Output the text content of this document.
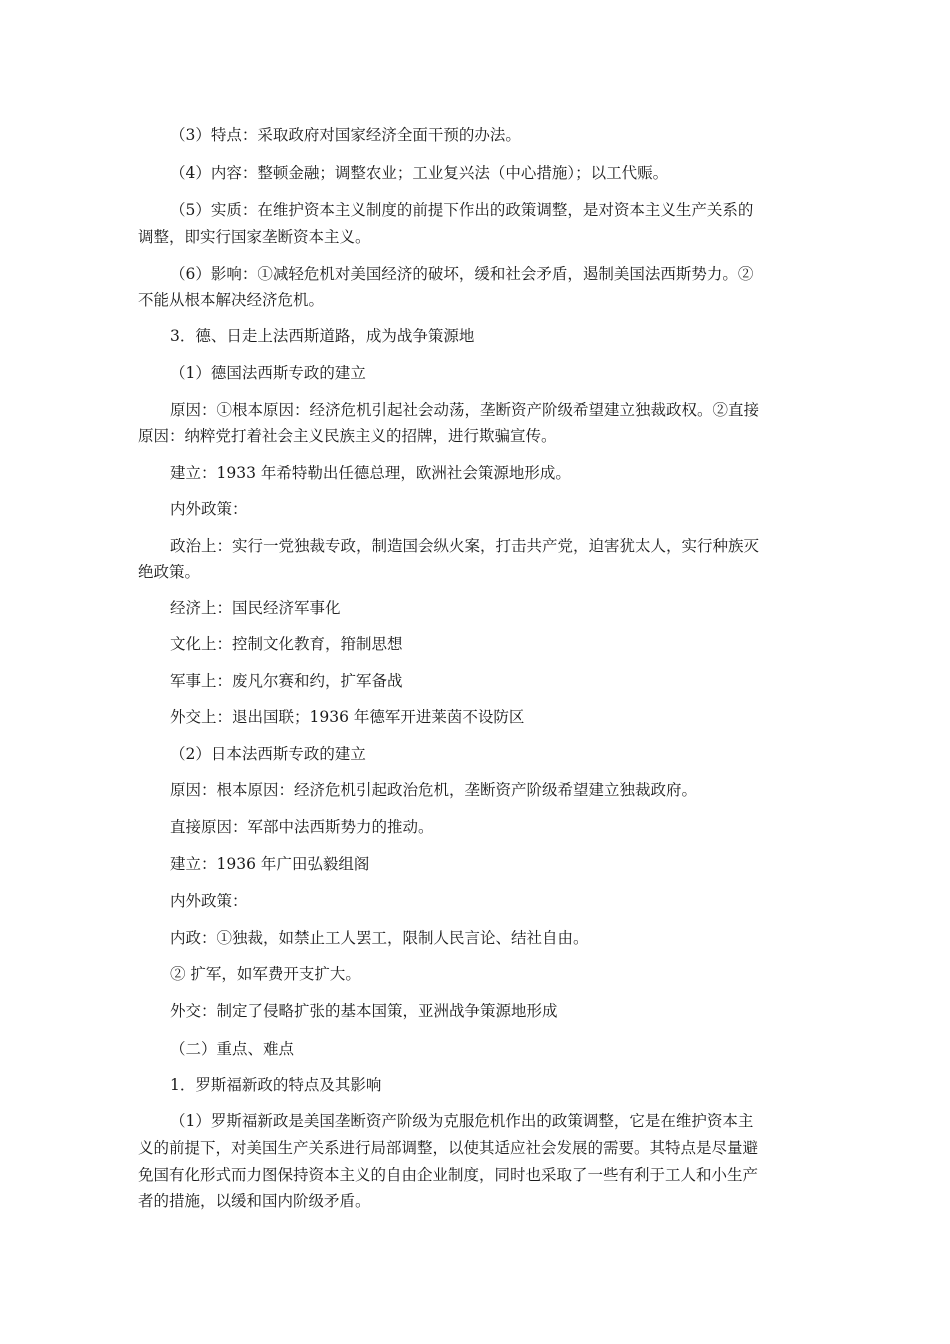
（3）特点：采取政府对国家经济全面干预的办法。
（4）内容：整顿金融；调整农业；工业复兴法（中心措施）；以工代赈。
（5）实质：在维护资本主义制度的前提下作出的政策调整，是对资本主义生产关系的
调整，即实行国家垄断资本主义。
（6）影响：①减轻危机对美国经济的破坏，缓和社会矛盾，遏制美国法西斯势力。②
不能从根本解决经济危机。
3．德、日走上法西斯道路，成为战争策源地
（1）德国法西斯专政的建立
原因：①根本原因：经济危机引起社会动荡，垄断资产阶级希望建立独裁政权。②直接
原因：纳粹党打着社会主义民族主义的招牌，进行欺骗宣传。
建立：1933 年希特勒出任德总理，欧洲社会策源地形成。
内外政策：
政治上：实行一党独裁专政，制造国会纵火案，打击共产党，迫害犹太人，实行种族灭
绝政策。
经济上：国民经济军事化
文化上：控制文化教育，箝制思想
军事上：废凡尔赛和约，扩军备战
外交上：退出国联；1936 年德军开进莱茵不设防区
（2）日本法西斯专政的建立
原因：根本原因：经济危机引起政治危机，垄断资产阶级希望建立独裁政府。
直接原因：军部中法西斯势力的推动。
建立：1936 年广田弘毅组阁
内外政策：
内政：①独裁，如禁止工人罢工，限制人民言论、结社自由。
② 扩军，如军费开支扩大。
外交：制定了侵略扩张的基本国策，亚洲战争策源地形成
（二）重点、难点
1．罗斯福新政的特点及其影响
（1）罗斯福新政是美国垄断资产阶级为克服危机作出的政策调整，它是在维护资本主
义的前提下，对美国生产关系进行局部调整，以使其适应社会发展的需要。其特点是尽量避
免国有化形式而力图保持资本主义的自由企业制度，同时也采取了一些有利于工人和小生产
者的措施，以缓和国内阶级矛盾。
